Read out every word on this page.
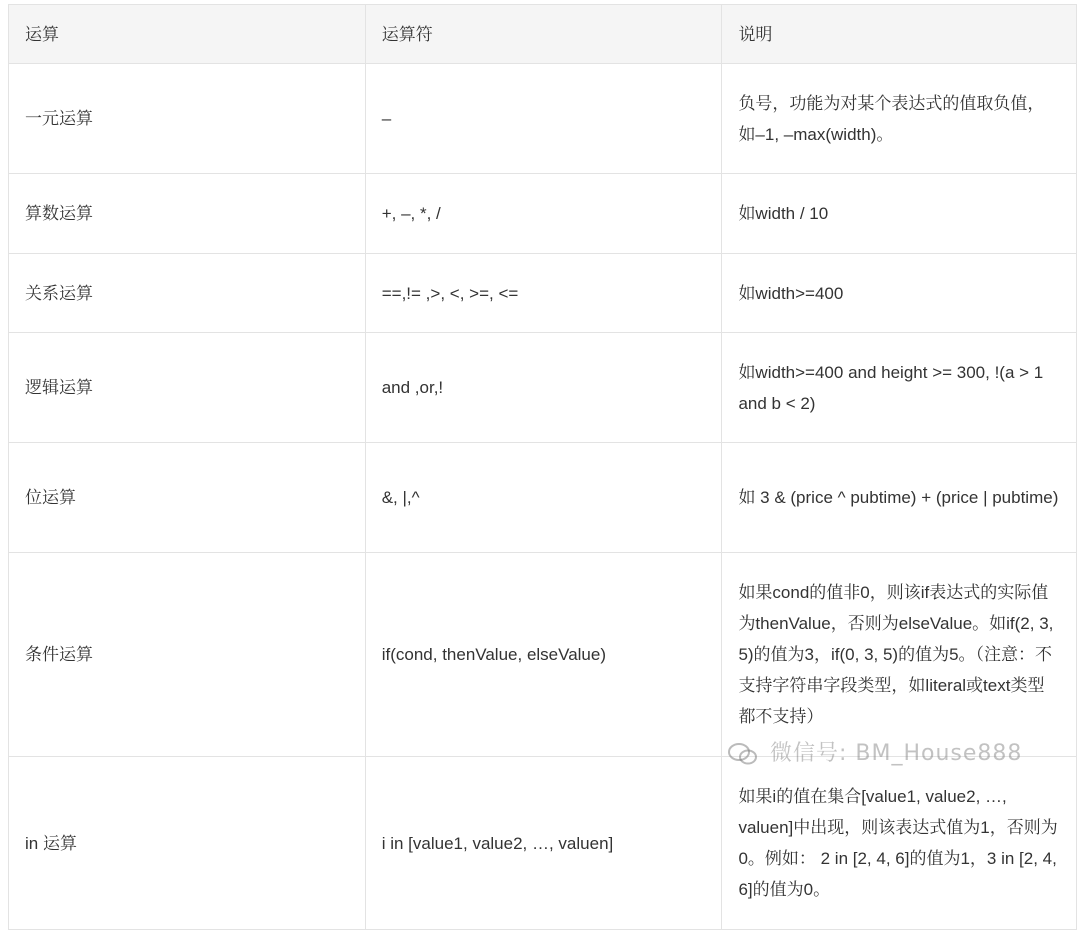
运算	运算符	说明
一元运算	–	负号，功能为对某个表达式的值取负值，如–1, –max(width)。
算数运算	+, –, *, /	如width / 10
关系运算	==,!= ,>, <, >=, <=	如width>=400
逻辑运算	and ,or,!	如width>=400 and height >= 300, !(a > 1 and b < 2)
位运算	&, |,^	如 3 & (price ^ pubtime) + (price | pubtime)
条件运算	if(cond, thenValue, elseValue)	如果cond的值非0，则该if表达式的实际值为thenValue，否则为elseValue。如if(2, 3, 5)的值为3，if(0, 3, 5)的值为5。（注意：不支持字符串字段类型，如literal或text类型都不支持）
in 运算	i in [value1, value2, …, valuen]	如果i的值在集合[value1, value2, …, valuen]中出现，则该表达式值为1，否则为0。例如： 2 in [2, 4, 6]的值为1，3 in [2, 4, 6]的值为0。
微信号: BM_House888
